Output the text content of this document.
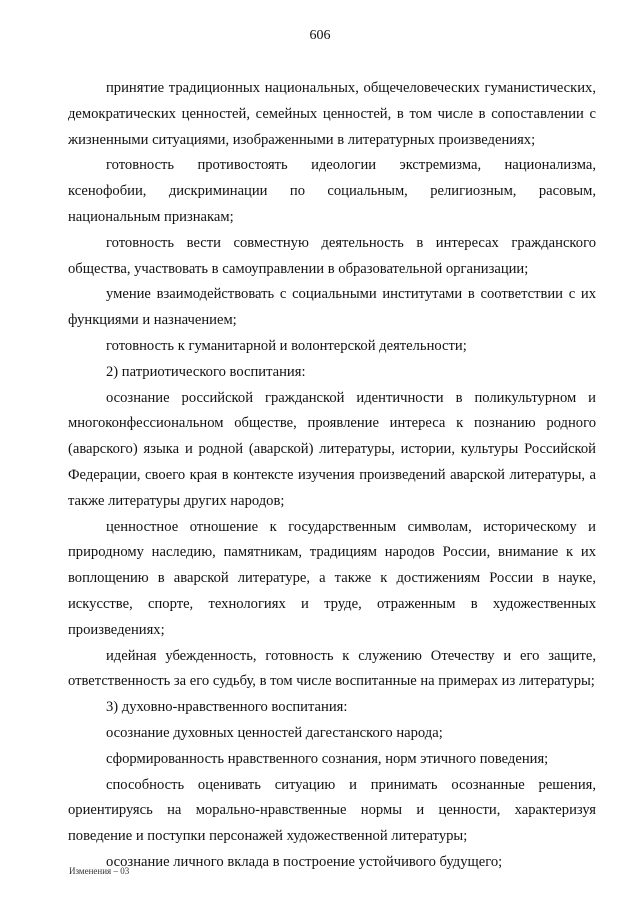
606

принятие традиционных национальных, общечеловеческих гуманистических, демократических ценностей, семейных ценностей, в том числе в сопоставлении с жизненными ситуациями, изображенными в литературных произведениях;

готовность противостоять идеологии экстремизма, национализма, ксенофобии, дискриминации по социальным, религиозным, расовым, национальным признакам;

готовность вести совместную деятельность в интересах гражданского общества, участвовать в самоуправлении в образовательной организации;

умение взаимодействовать с социальными институтами в соответствии с их функциями и назначением;

готовность к гуманитарной и волонтерской деятельности;

2) патриотического воспитания:

осознание российской гражданской идентичности в поликультурном и многоконфессиональном обществе, проявление интереса к познанию родного (аварского) языка и родной (аварской) литературы, истории, культуры Российской Федерации, своего края в контексте изучения произведений аварской литературы, а также литературы других народов;

ценностное отношение к государственным символам, историческому и природному наследию, памятникам, традициям народов России, внимание к их воплощению в аварской литературе, а также к достижениям России в науке, искусстве, спорте, технологиях и труде, отраженным в художественных произведениях;

идейная убежденность, готовность к служению Отечеству и его защите, ответственность за его судьбу, в том числе воспитанные на примерах из литературы;

3) духовно-нравственного воспитания:

осознание духовных ценностей дагестанского народа;

сформированность нравственного сознания, норм этичного поведения;

способность оценивать ситуацию и принимать осознанные решения, ориентируясь на морально-нравственные нормы и ценности, характеризуя поведение и поступки персонажей художественной литературы;

осознание личного вклада в построение устойчивого будущего;

Изменения – 03
